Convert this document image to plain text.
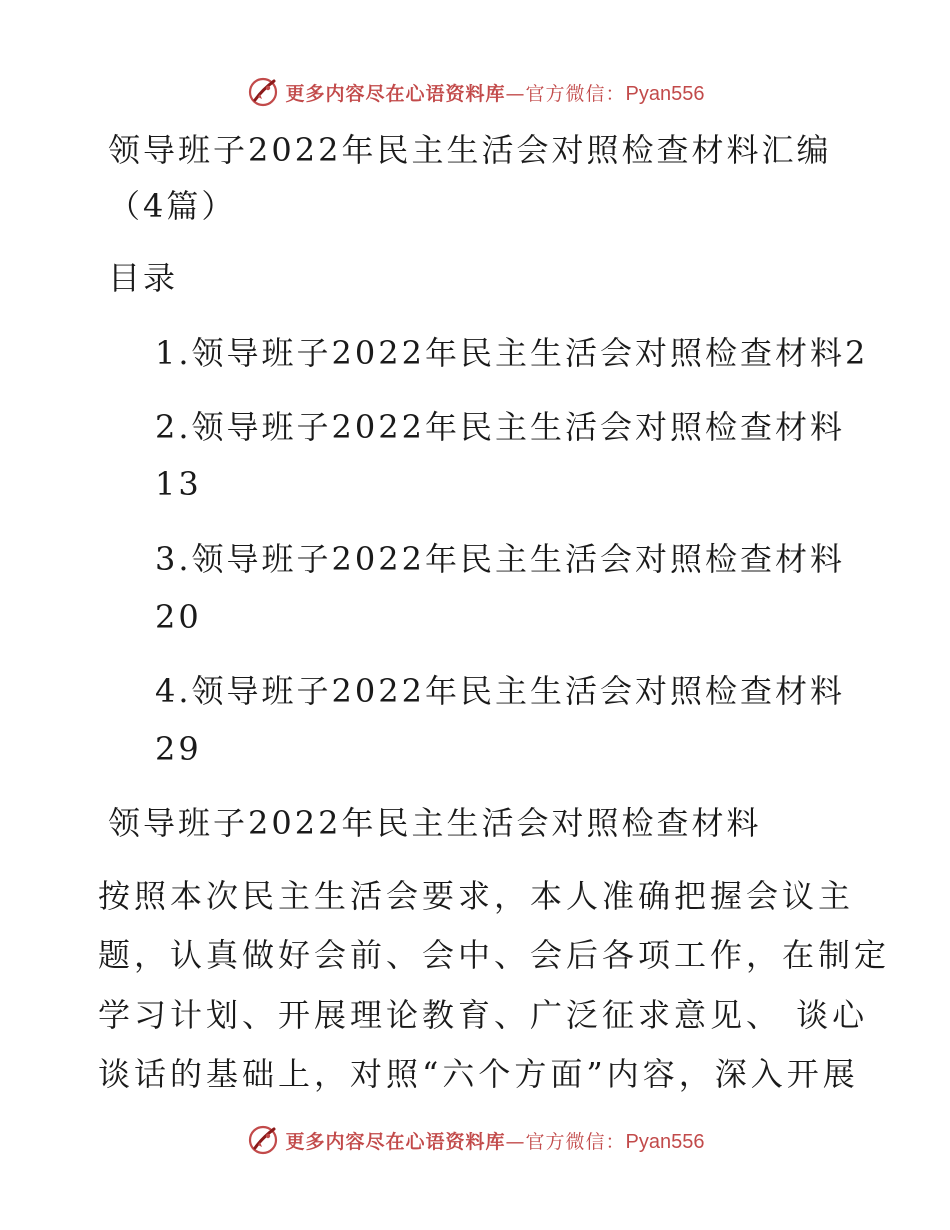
更多内容尽在心语资料库—官方微信：Pyan556
领导班子2022年民主生活会对照检查材料汇编
（4篇）
目录
1.领导班子2022年民主生活会对照检查材料2
2.领导班子2022年民主生活会对照检查材料
13
3.领导班子2022年民主生活会对照检查材料
20
4.领导班子2022年民主生活会对照检查材料
29
领导班子2022年民主生活会对照检查材料
按照本次民主生活会要求，本人准确把握会议主
题，认真做好会前、会中、会后各项工作，在制定
学习计划、开展理论教育、广泛征求意见、 谈心
谈话的基础上，对照“六个方面”内容，深入开展
更多内容尽在心语资料库—官方微信：Pyan556
